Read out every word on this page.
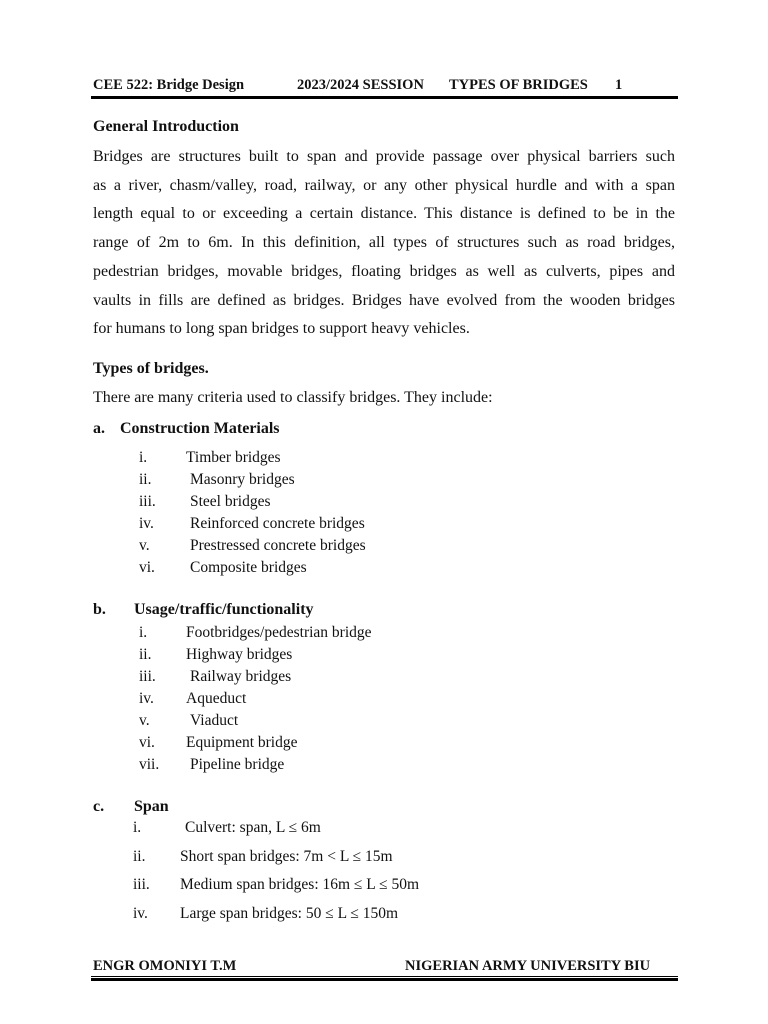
CEE 522: Bridge Design	2023/2024 SESSION TYPES OF BRIDGES 1
General Introduction
Bridges are structures built to span and provide passage over physical barriers such
as a river, chasm/valley, road, railway, or any other physical hurdle and with a span
length equal to or exceeding a certain distance. This distance is defined to be in the
range of 2m to 6m. In this definition, all types of structures such as road bridges,
pedestrian bridges, movable bridges, floating bridges as well as culverts, pipes and
vaults in fills are defined as bridges. Bridges have evolved from the wooden bridges
for humans to long span bridges to support heavy vehicles.
Types of bridges.
There are many criteria used to classify bridges. They include:
a. Construction Materials
i.	Timber bridges
ii. Masonry bridges
iii. Steel bridges
iv. Reinforced concrete bridges
v.	Prestressed concrete bridges
vi. Composite bridges
b. Usage/traffic/functionality
i.	Footbridges/pedestrian bridge
ii. Highway bridges
iii. Railway bridges
iv. Aqueduct
v.	Viaduct
vi. Equipment bridge
vii. Pipeline bridge
c. Span
i.	Culvert: span, L ≤ 6m
ii. Short span bridges: 7m < L ≤ 15m
iii. Medium span bridges: 16m ≤ L ≤ 50m
iv. Large span bridges: 50 ≤ L ≤ 150m
ENGR OMONIYI T.M	NIGERIAN ARMY UNIVERSITY BIU
